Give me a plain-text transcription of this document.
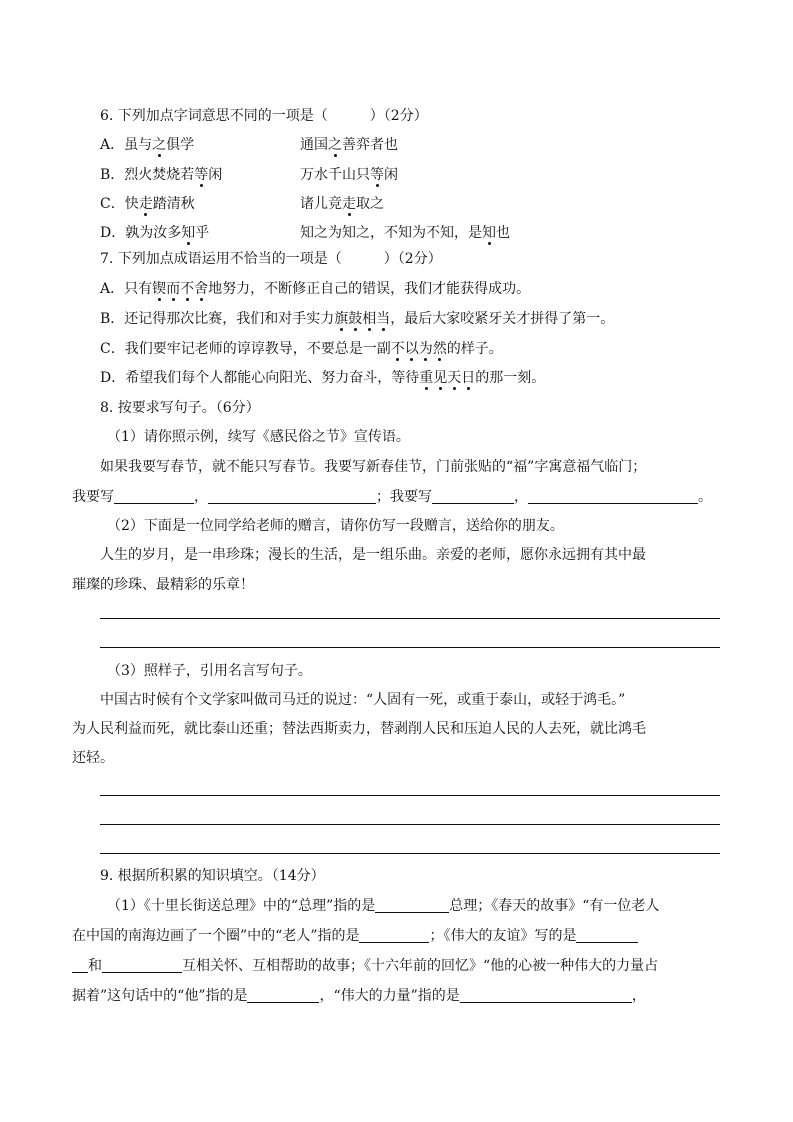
6. 下列加点字词意思不同的一项是（　　　）（2分）
A．虽与之俱学	通国之善弈者也
B．烈火焚烧若等闲	万水千山只等闲
C．快走踏清秋	诸儿竞走取之
D．孰为汝多知乎	知之为知之，不知为不知，是知也
7. 下列加点成语运用不恰当的一项是（　　　）（2分）
A．只有锲而不舍地努力，不断修正自己的错误，我们才能获得成功。
B．还记得那次比赛，我们和对手实力旗鼓相当，最后大家咬紧牙关才拼得了第一。
C．我们要牢记老师的谆谆教导，不要总是一副不以为然的样子。
D．希望我们每个人都能心向阳光、努力奋斗，等待重见天日的那一刻。
8. 按要求写句子。（6分）
（1）请你照示例，续写《感民俗之节》宣传语。
如果我要写春节，就不能只写春节。我要写新春佳节，门前张贴的“福”字寓意福气临门；
我要写	，	；我要写	，	。
（2）下面是一位同学给老师的赠言，请你仿写一段赠言，送给你的朋友。
人生的岁月，是一串珍珠；漫长的生活，是一组乐曲。亲爱的老师，愿你永远拥有其中最
璀璨的珍珠、最精彩的乐章！
（3）照样子，引用名言写句子。
中国古时候有个文学家叫做司马迁的说过：“人固有一死，或重于泰山，或轻于鸿毛。”
为人民利益而死，就比泰山还重；替法西斯卖力，替剥削人民和压迫人民的人去死，就比鸿毛
还轻。
9. 根据所积累的知识填空。（14分）
（1）《十里长街送总理》中的“总理”指的是	总理；《春天的故事》“有一位老人
在中国的南海边画了一个圈”中的“老人”指的是	；《伟大的友谊》写的是
和	互相关怀、互相帮助的故事；《十六年前的回忆》“他的心被一种伟大的力量占
据着”这句话中的“他”指的是	，“伟大的力量”指的是	，
